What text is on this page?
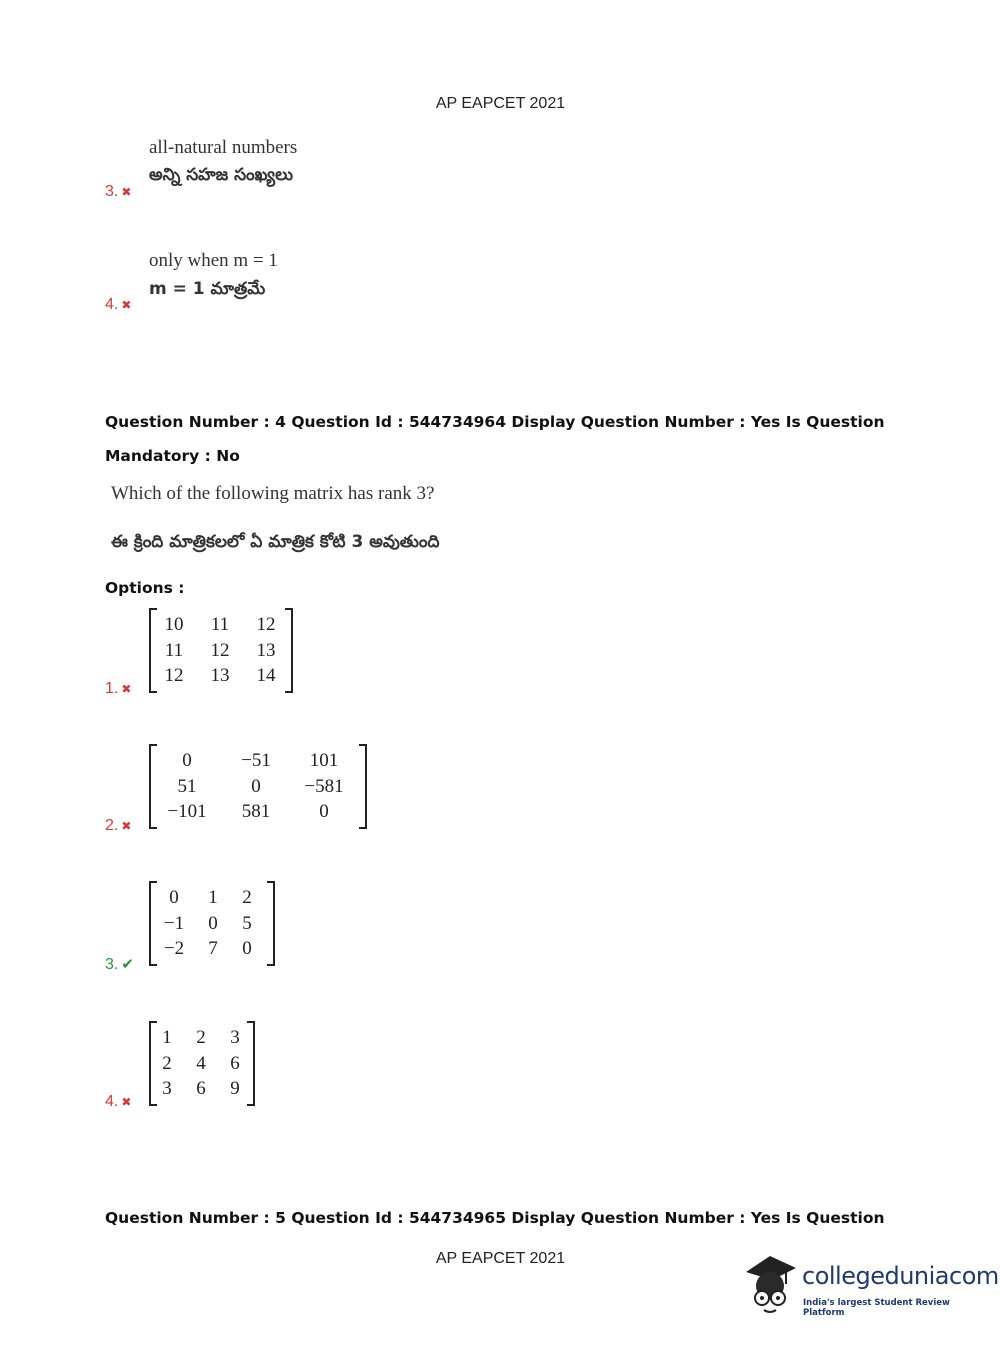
AP EAPCET 2021
all-natural numbers
అన్ని సహజ సంఖ్యలు
3. ✖
only when m = 1
m = 1 మాత్రమే
4. ✖
Question Number : 4 Question Id : 544734964 Display Question Number : Yes Is Question
Mandatory : No
Which of the following matrix has rank 3?
ఈ క్రింది మాత్రికలలో ఏ మాత్రిక కోటి 3 అవుతుంది
Options :
10	11	12
11	12	13
12	13	14
1. ✖
0	−51	101
51	0	−581
−101	581	0
2. ✖
0	1	2
−1	0	5
−2	7	0
3. ✔
1	2	3
2	4	6
3	6	9
4. ✖
Question Number : 5 Question Id : 544734965 Display Question Number : Yes Is Question
AP EAPCET 2021
collegeduniacom
India's largest Student Review Platform
